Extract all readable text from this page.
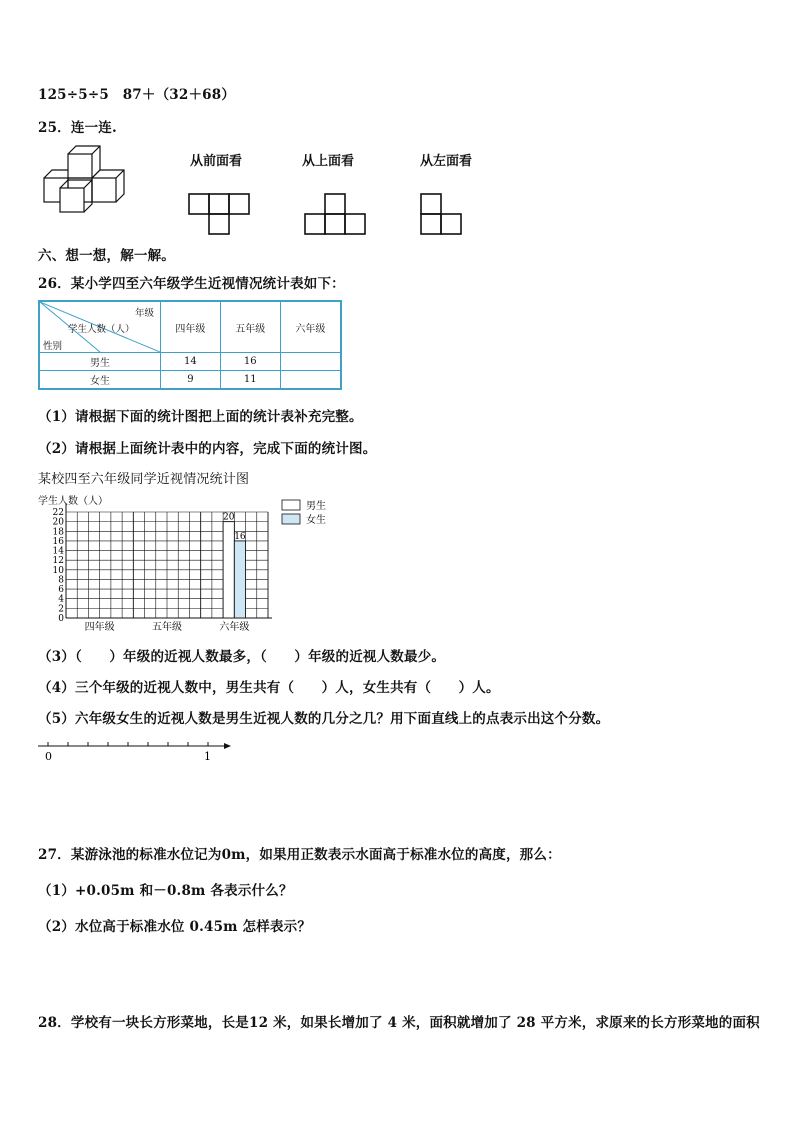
125÷5÷5　87＋（32＋68）
25．连一连.
从前面看	从上面看	从左面看
六、想一想，解一解。
26．某小学四至六年级学生近视情况统计表如下：
年级
学生人数（人）
性别	四年级	五年级	六年级
男生	14	16	
女生	9	11	
（1）请根据下面的统计图把上面的统计表补充完整。
（2）请根据上面统计表中的内容，完成下面的统计图。
某校四至六年级同学近视情况统计图
学生人数（人）
0
2
4
6
8
10
12
14
16
18
20
22
四年级	五年级	六年级
20
16
男生
女生
（3）（　　）年级的近视人数最多，（　　）年级的近视人数最少。
（4）三个年级的近视人数中，男生共有（　　）人，女生共有（　　）人。
（5）六年级女生的近视人数是男生近视人数的几分之几？用下面直线上的点表示出这个分数。
0	1
27．某游泳池的标准水位记为0m，如果用正数表示水面高于标准水位的高度，那么：
（1）+0.05m 和－0.8m 各表示什么？
（2）水位高于标准水位 0.45m 怎样表示？
28．学校有一块长方形菜地，长是12 米，如果长增加了 4 米，面积就增加了 28 平方米，求原来的长方形菜地的面积
